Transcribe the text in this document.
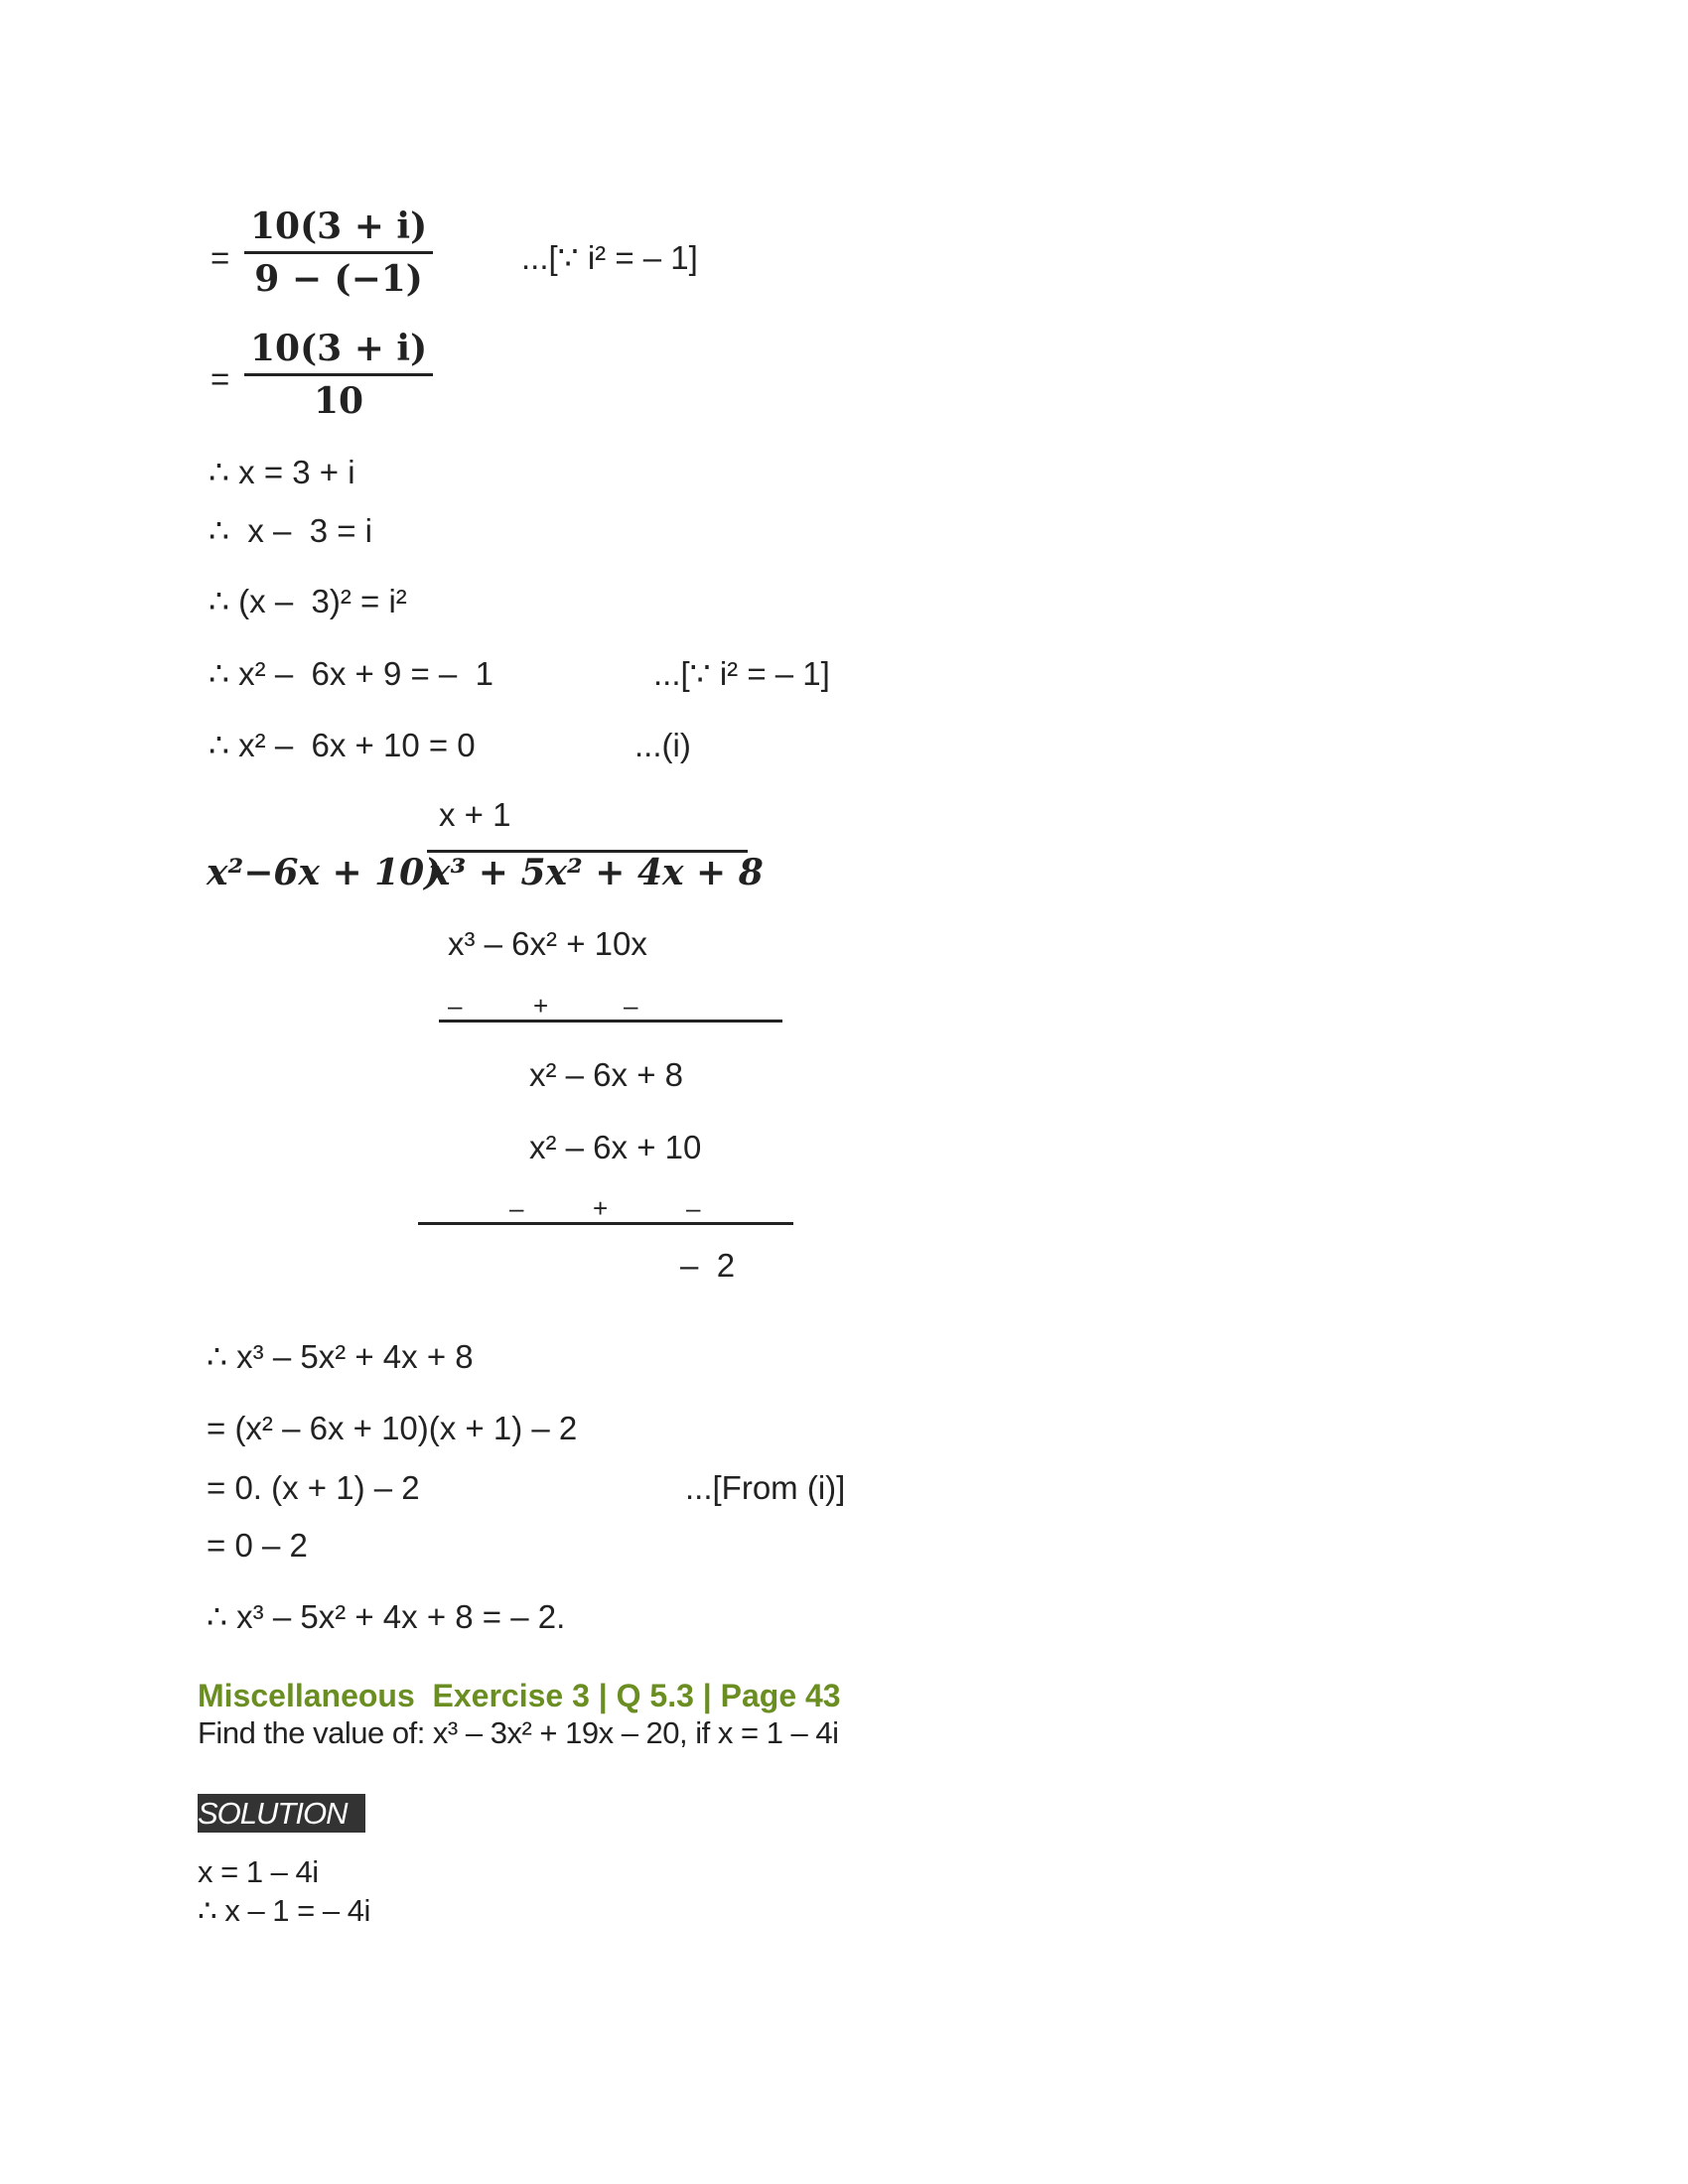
=
10(3 + i)
9 − (−1)
...[∵ i² = – 1]
=
10(3 + i)
10
∴ x = 3 + i
∴  x –  3 = i
∴ (x –  3)² = i²
∴ x² –  6x + 9 = –  1	...[∵ i² = – 1]
∴ x² –  6x + 10 = 0	...(i)
x + 1
x²−6x + 10)
x³ + 5x² + 4x + 8
x³ – 6x² + 10x
–	+	–
x² – 6x + 8
x² – 6x + 10
–	+	–
–  2
∴ x³ – 5x² + 4x + 8
= (x² – 6x + 10)(x + 1) – 2
= 0. (x + 1) – 2	...[From (i)]
= 0 – 2
∴ x³ – 5x² + 4x + 8 = – 2.
Miscellaneous  Exercise 3 | Q 5.3 | Page 43
Find the value of: x³ – 3x² + 19x – 20, if x = 1 – 4i
SOLUTION
x = 1 – 4i
∴ x – 1 = – 4i
